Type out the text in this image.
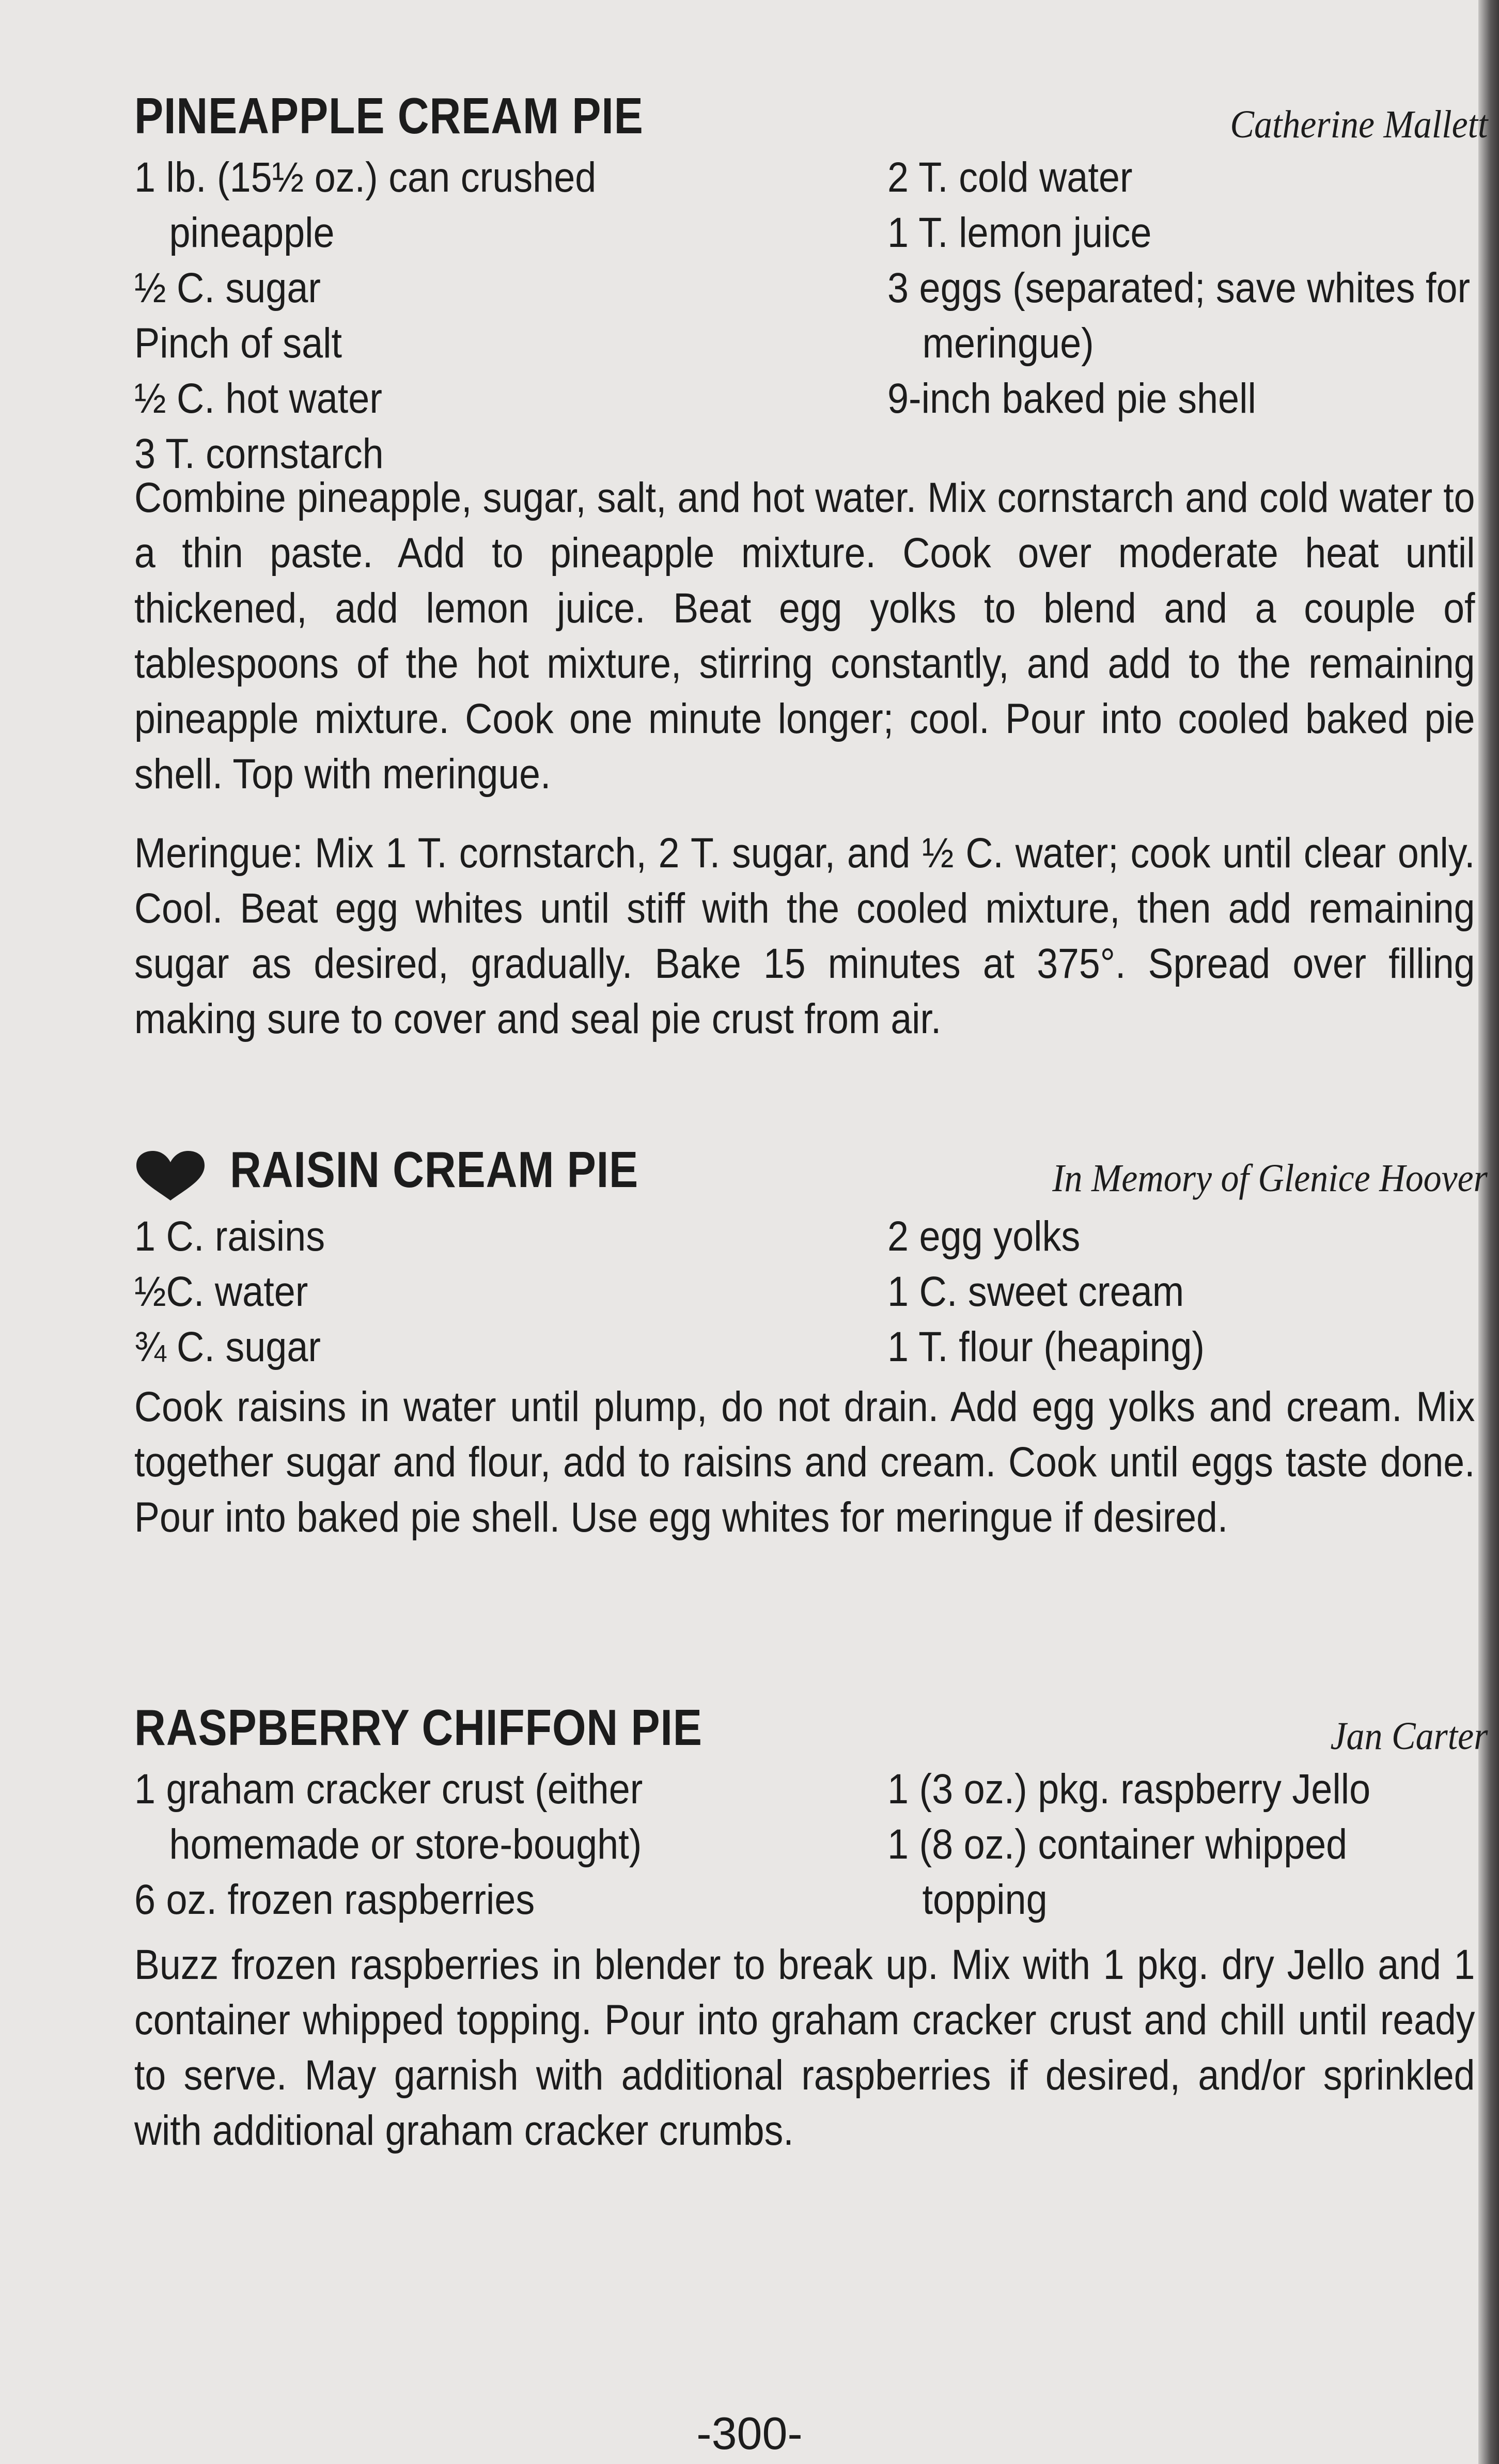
PINEAPPLE CREAM PIE	Catherine Mallett
1 lb. (15½ oz.) can crushed pineapple
½ C. sugar
Pinch of salt
½ C. hot water
3 T. cornstarch
2 T. cold water
1 T. lemon juice
3 eggs (separated; save whites for meringue)
9-inch baked pie shell

Combine pineapple, sugar, salt, and hot water. Mix cornstarch and cold water to a thin paste. Add to pineapple mixture. Cook over moderate heat until thickened, add lemon juice. Beat egg yolks to blend and a couple of tablespoons of the hot mixture, stirring constantly, and add to the remaining pineapple mixture. Cook one minute longer; cool. Pour into cooled baked pie shell. Top with meringue.

Meringue: Mix 1 T. cornstarch, 2 T. sugar, and ½ C. water; cook until clear only. Cool. Beat egg whites until stiff with the cooled mixture, then add remaining sugar as desired, gradually. Bake 15 minutes at 375°. Spread over filling making sure to cover and seal pie crust from air.

RAISIN CREAM PIE	In Memory of Glenice Hoover
1 C. raisins
½C. water
¾ C. sugar
2 egg yolks
1 C. sweet cream
1 T. flour (heaping)

Cook raisins in water until plump, do not drain. Add egg yolks and cream. Mix together sugar and flour, add to raisins and cream. Cook until eggs taste done. Pour into baked pie shell. Use egg whites for meringue if desired.

RASPBERRY CHIFFON PIE	Jan Carter
1 graham cracker crust (either homemade or store-bought)
6 oz. frozen raspberries
1 (3 oz.) pkg. raspberry Jello
1 (8 oz.) container whipped topping

Buzz frozen raspberries in blender to break up. Mix with 1 pkg. dry Jello and 1 container whipped topping. Pour into graham cracker crust and chill until ready to serve. May garnish with additional raspberries if desired, and/or sprinkled with additional graham cracker crumbs.

-300-
